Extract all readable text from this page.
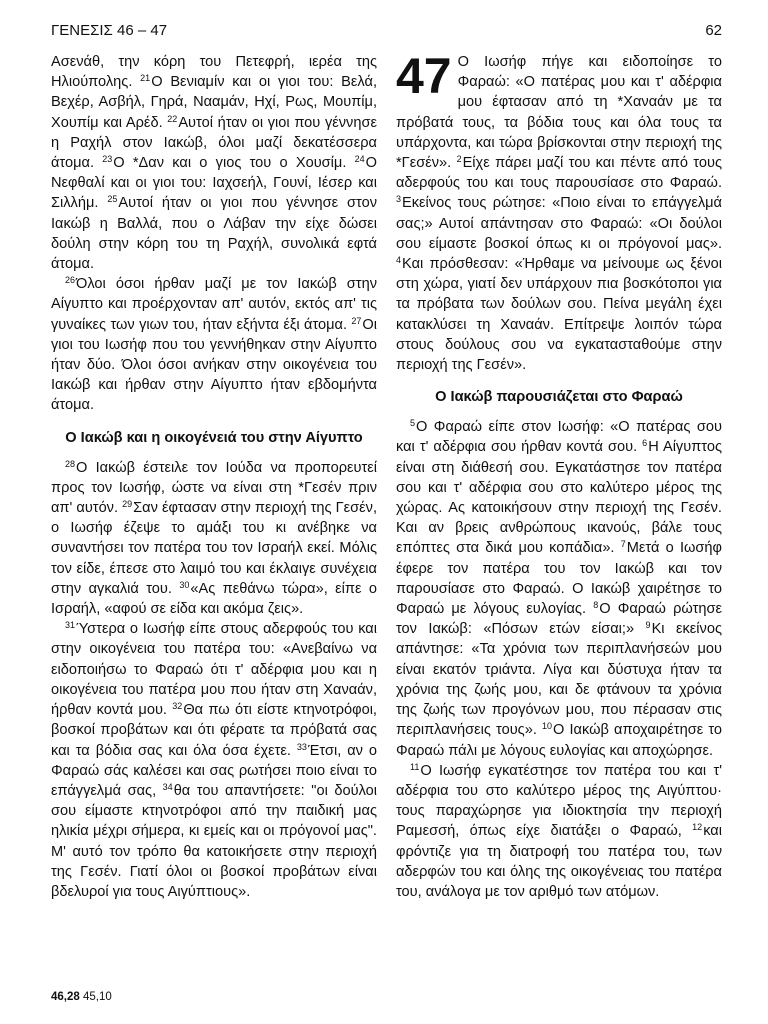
ΓΕΝΕΣΙΣ 46 – 47	62

Ασενάθ, την κόρη του Πετεφρή, ιερέα της Ηλιούπολης. $^{21}$Ο Βενιαμίν και οι γιοι του: Βελά, Βεχέρ, Ασβήλ, Γηρά, Νααμάν, Ηχί, Ρως, Μουπίμ, Χουπίμ και Αρέδ. $^{22}$Αυτοί ήταν οι γιοι που γέννησε η Ραχήλ στον Ιακώβ, όλοι μαζί δεκατέσσερα άτομα. $^{23}$Ο *Δαν και ο γιος του ο Χουσίμ. $^{24}$Ο Νεφθαλί και οι γιοι του: Ιαχσεήλ, Γουνί, Ιέσερ και Σιλλήμ. $^{25}$Αυτοί ήταν οι γιοι που γέννησε στον Ιακώβ η Βαλλά, που ο Λάβαν την είχε δώσει δούλη στην κόρη του τη Ραχήλ, συνολικά εφτά άτομα.

$^{26}$Όλοι όσοι ήρθαν μαζί με τον Ιακώβ στην Αίγυπτο και προέρχονταν απ' αυτόν, εκτός απ' τις γυναίκες των γιων του, ήταν εξήντα έξι άτομα. $^{27}$Οι γιοι του Ιωσήφ που του γεννήθηκαν στην Αίγυπτο ήταν δύο. Όλοι όσοι ανήκαν στην οικογένεια του Ιακώβ και ήρθαν στην Αίγυπτο ήταν εβδομήντα άτομα.

Ο Ιακώβ και η οικογένειά του στην Αίγυπτο

$^{28}$Ο Ιακώβ έστειλε τον Ιούδα να προπορευτεί προς τον Ιωσήφ, ώστε να είναι στη *Γεσέν πριν απ' αυτόν. $^{29}$Σαν έφτασαν στην περιοχή της Γεσέν, ο Ιωσήφ έζεψε το αμάξι του κι ανέβηκε να συναντήσει τον πατέρα του τον Ισραήλ εκεί. Μόλις τον είδε, έπεσε στο λαιμό του και έκλαιγε συνέχεια στην αγκαλιά του. $^{30}$«Ας πεθάνω τώρα», είπε ο Ισραήλ, «αφού σε είδα και ακόμα ζεις».

$^{31}$Ύστερα ο Ιωσήφ είπε στους αδερφούς του και στην οικογένεια του πατέρα του: «Ανεβαίνω να ειδοποιήσω το Φαραώ ότι τ' αδέρφια μου και η οικογένεια του πατέρα μου που ήταν στη Χαναάν, ήρθαν κοντά μου. $^{32}$Θα πω ότι είστε κτηνοτρόφοι, βοσκοί προβάτων και ότι φέρατε τα πρόβατά σας και τα βόδια σας και όλα όσα έχετε. $^{33}$Έτσι, αν ο Φαραώ σάς καλέσει και σας ρωτήσει ποιο είναι το επάγγελμά σας, $^{34}$θα του απαντήσετε: "οι δούλοι σου είμαστε κτηνοτρόφοι από την παιδική μας ηλικία μέχρι σήμερα, κι εμείς και οι πρόγονοί μας". Μ' αυτό τον τρόπο θα κατοικήσετε στην περιοχή της Γεσέν. Γιατί όλοι οι βοσκοί προβάτων είναι βδελυροί για τους Αιγύπτιους».

47 Ο Ιωσήφ πήγε και ειδοποίησε το Φαραώ: «Ο πατέρας μου και τ' αδέρφια μου έφτασαν από τη *Χαναάν με τα πρόβατά τους, τα βόδια τους και όλα τους τα υπάρχοντα, και τώρα βρίσκονται στην περιοχή της *Γεσέν». $^2$Είχε πάρει μαζί του και πέντε από τους αδερφούς του και τους παρουσίασε στο Φαραώ. $^3$Εκείνος τους ρώτησε: «Ποιο είναι το επάγγελμά σας;» Αυτοί απάντησαν στο Φαραώ: «Οι δούλοι σου είμαστε βοσκοί όπως κι οι πρόγονοί μας». $^4$Και πρόσθεσαν: «Ήρθαμε να μείνουμε ως ξένοι στη χώρα, γιατί δεν υπάρχουν πια βοσκότοποι για τα πρόβατα των δούλων σου. Πείνα μεγάλη έχει κατακλύσει τη Χαναάν. Επίτρεψε λοιπόν τώρα στους δούλους σου να εγκατασταθούμε στην περιοχή της Γεσέν».

Ο Ιακώβ παρουσιάζεται στο Φαραώ

$^5$Ο Φαραώ είπε στον Ιωσήφ: «Ο πατέρας σου και τ' αδέρφια σου ήρθαν κοντά σου. $^6$Η Αίγυπτος είναι στη διάθεσή σου. Εγκατάστησε τον πατέρα σου και τ' αδέρφια σου στο καλύτερο μέρος της χώρας. Ας κατοικήσουν στην περιοχή της Γεσέν. Και αν βρεις ανθρώπους ικανούς, βάλε τους επόπτες στα δικά μου κοπάδια». $^7$Μετά ο Ιωσήφ έφερε τον πατέρα του τον Ιακώβ και τον παρουσίασε στο Φαραώ. Ο Ιακώβ χαιρέτησε το Φαραώ με λόγους ευλογίας. $^8$Ο Φαραώ ρώτησε τον Ιακώβ: «Πόσων ετών είσαι;» $^9$Κι εκείνος απάντησε: «Τα χρόνια των περιπλανήσεών μου είναι εκατόν τριάντα. Λίγα και δύστυχα ήταν τα χρόνια της ζωής μου, και δε φτάνουν τα χρόνια της ζωής των προγόνων μου, που πέρασαν στις περιπλανήσεις τους». $^{10}$Ο Ιακώβ αποχαιρέτησε το Φαραώ πάλι με λόγους ευλογίας και αποχώρησε.

$^{11}$Ο Ιωσήφ εγκατέστησε τον πατέρα του και τ' αδέρφια του στο καλύτερο μέρος της Αιγύπτου· τους παραχώρησε για ιδιοκτησία την περιοχή Ραμεσσή, όπως είχε διατάξει ο Φαραώ, $^{12}$και φρόντιζε για τη διατροφή του πατέρα του, των αδερφών του και όλης της οικογένειας του πατέρα του, ανάλογα με τον αριθμό των ατόμων.

46,28 45,10
